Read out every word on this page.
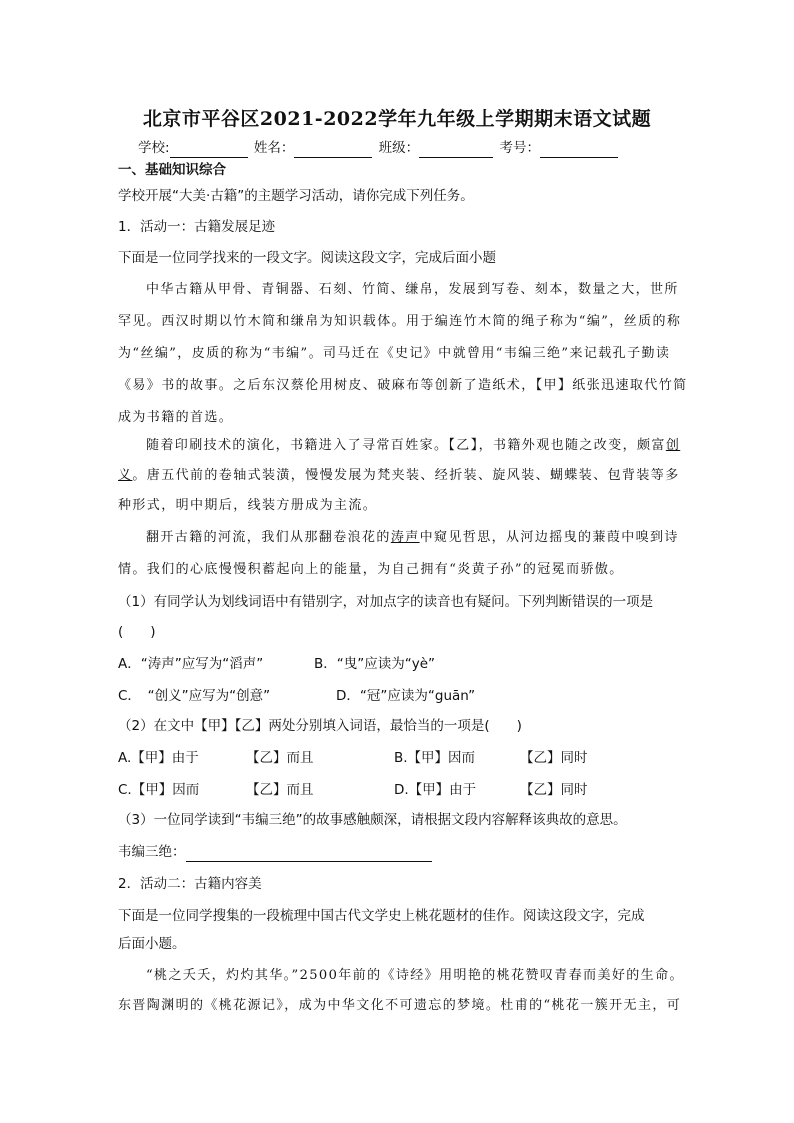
北京市平谷区2021-2022学年九年级上学期期末语文试题
学校:	姓名：	班级：	考号：
一、基础知识综合
学校开展“大美·古籍”的主题学习活动，请你完成下列任务。
1．活动一：古籍发展足迹
下面是一位同学找来的一段文字。阅读这段文字，完成后面小题
中华古籍从甲骨、青铜器、石刻、竹简、缣帛，发展到写卷、刻本，数量之大，世所
罕见。西汉时期以竹木简和缣帛为知识载体。用于编连竹木简的绳子称为“编”，丝质的称
为“丝编”，皮质的称为“韦编”。司马迁在《史记》中就曾用“韦编三绝”来记载孔子勤读
《易》书的故事。之后东汉蔡伦用树皮、破麻布等创新了造纸术，【甲】纸张迅速取代竹简
成为书籍的首选。
随着印刷技术的演化，书籍进入了寻常百姓家。【乙】，书籍外观也随之改变，颇富创
义。唐五代前的卷轴式装潢，慢慢发展为梵夹装、经折装、旋风装、蝴蝶装、包背装等多
种形式，明中期后，线装方册成为主流。
翻开古籍的河流，我们从那翻卷浪花的涛声中窥见哲思，从河边摇曳的蒹葭中嗅到诗
情。我们的心底慢慢积蓄起向上的能量，为自己拥有“炎黄子孙”的冠冕而骄傲。
（1）有同学认为划线词语中有错别字，对加点字的读音也有疑问。下列判断错误的一项是
(　　)
A．“涛声”应写为“滔声”	B．“曳”应读为“yè”
C．　“创义”应写为“创意”	D．“冠”应读为“guān”
（2）在文中【甲】【乙】两处分别填入词语，最恰当的一项是(　　)
A.【甲】由于	【乙】而且	B.【甲】因而	【乙】同时
C.【甲】因而	【乙】而且	D.【甲】由于	【乙】同时
（3）一位同学读到“韦编三绝”的故事感触颇深，请根据文段内容解释该典故的意思。
韦编三绝：
2．活动二：古籍内容美
下面是一位同学搜集的一段梳理中国古代文学史上桃花题材的佳作。阅读这段文字，完成
后面小题。
“桃之夭夭，灼灼其华。”2500年前的《诗经》用明艳的桃花赞叹青春而美好的生命。
东晋陶渊明的《桃花源记》，成为中华文化不可遗忘的梦境。杜甫的“桃花一簇开无主，可
